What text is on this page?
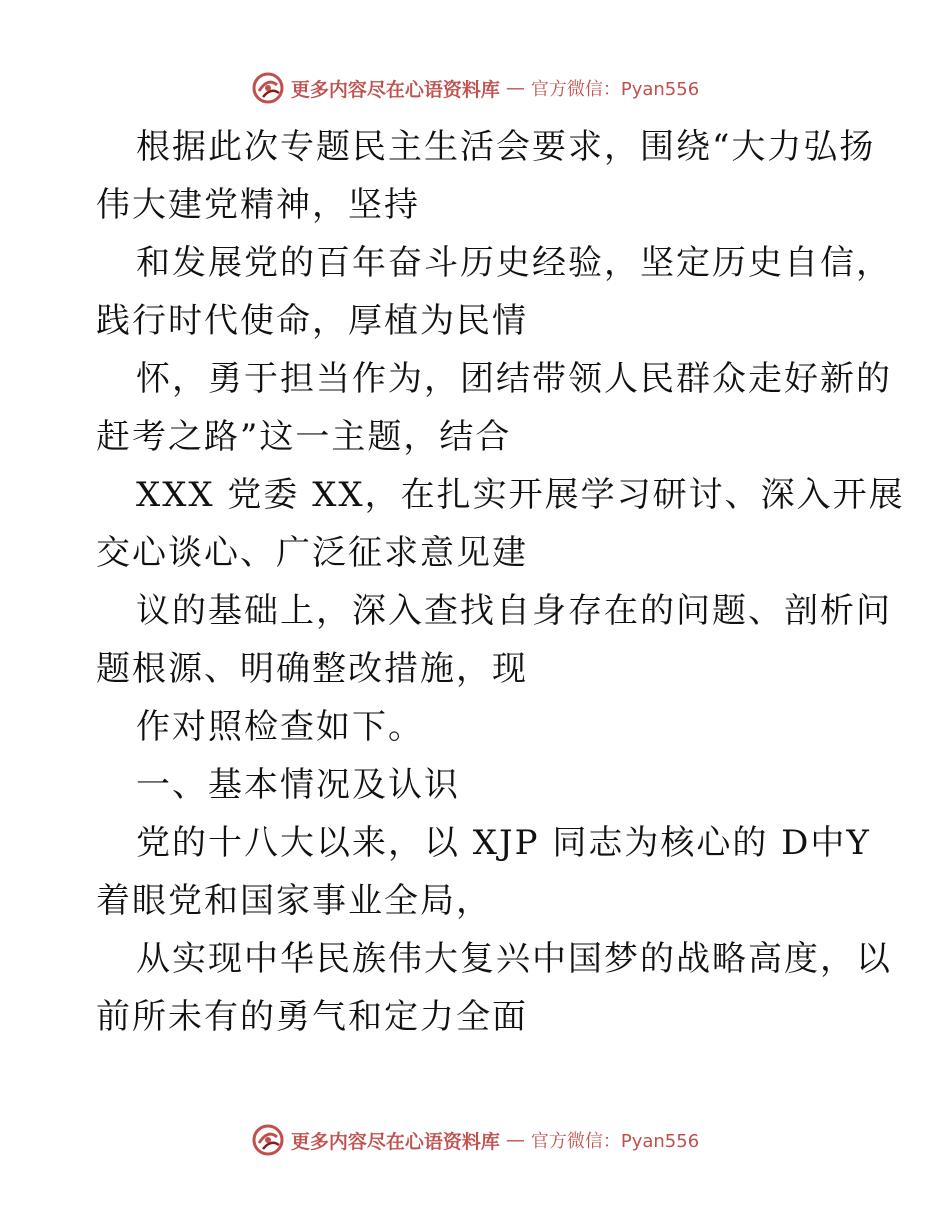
更多内容尽在心语资料库 — 官方微信：Pyan556

根据此次专题民主生活会要求，围绕“大力弘扬
伟大建党精神，坚持

和发展党的百年奋斗历史经验，坚定历史自信，
践行时代使命，厚植为民情

怀，勇于担当作为，团结带领人民群众走好新的
赶考之路”这一主题，结合

XXX 党委 XX，在扎实开展学习研讨、深入开展
交心谈心、广泛征求意见建

议的基础上，深入查找自身存在的问题、剖析问
题根源、明确整改措施，现

作对照检查如下。

一、基本情况及认识

党的十八大以来，以 XJP 同志为核心的 D中Y
着眼党和国家事业全局，

从实现中华民族伟大复兴中国梦的战略高度，以
前所未有的勇气和定力全面

更多内容尽在心语资料库 — 官方微信：Pyan556
